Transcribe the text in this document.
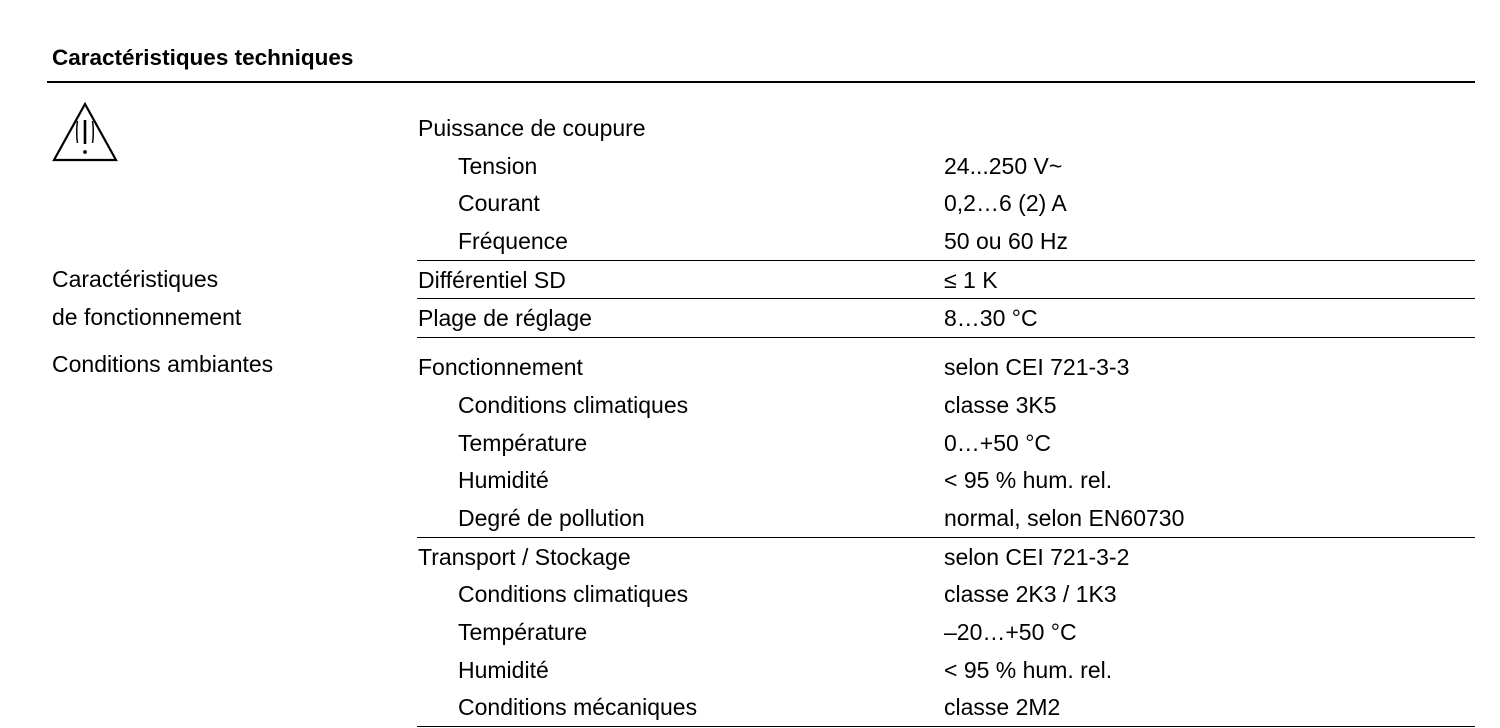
Caractéristiques techniques
Caractéristiques
de fonctionnement
Conditions ambiantes
Puissance de coupure
Tension	24...250 V~
Courant	0,2…6 (2) A
Fréquence	50 ou 60 Hz
Différentiel SD	≤ 1 K
Plage de réglage	8…30 °C
Fonctionnement	selon CEI 721-3-3
Conditions climatiques	classe 3K5
Température	0…+50 °C
Humidité	< 95 % hum. rel.
Degré de pollution	normal, selon EN60730
Transport / Stockage	selon CEI 721-3-2
Conditions climatiques	classe 2K3 / 1K3
Température	–20…+50 °C
Humidité	< 95 % hum. rel.
Conditions mécaniques	classe 2M2
